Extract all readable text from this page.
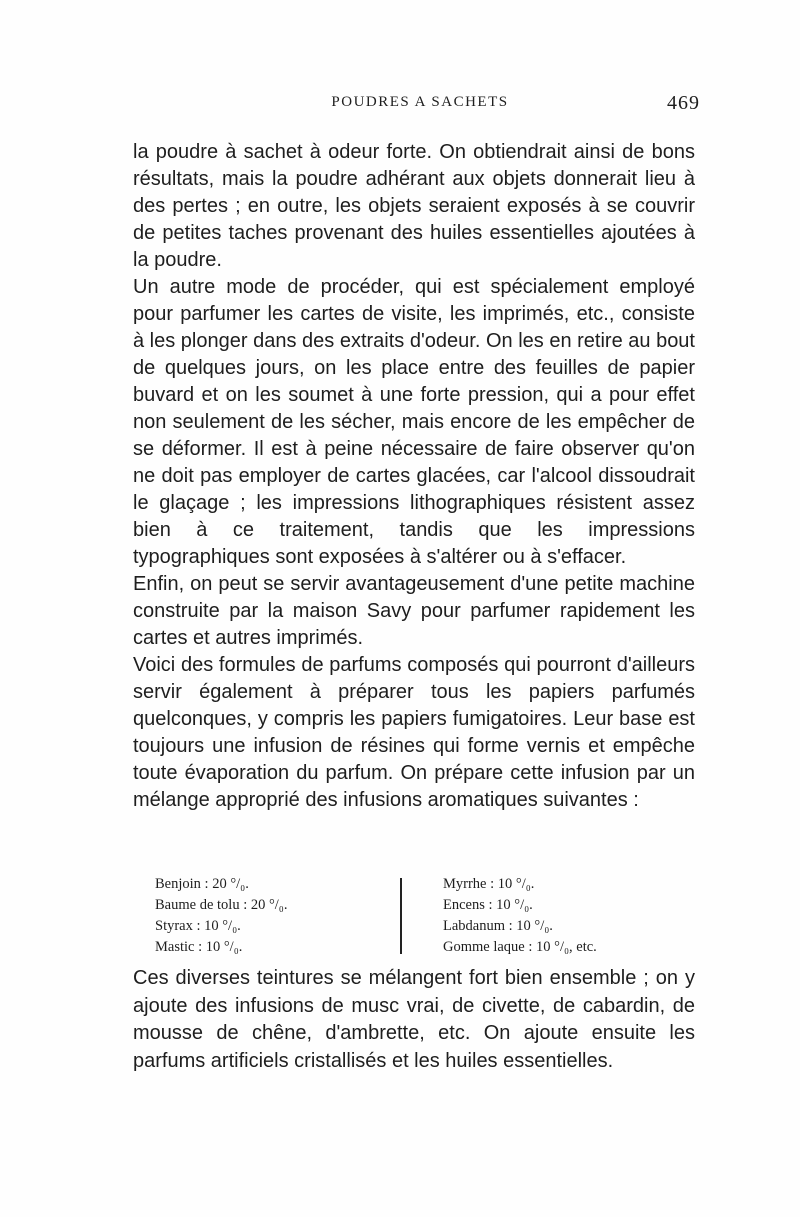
POUDRES A SACHETS	469

la poudre à sachet à odeur forte. On obtiendrait ainsi de bons résultats, mais la poudre adhérant aux objets donnerait lieu à des pertes ; en outre, les objets seraient exposés à se couvrir de petites taches provenant des huiles essentielles ajoutées à la poudre.

Un autre mode de procéder, qui est spécialement employé pour parfumer les cartes de visite, les imprimés, etc., consiste à les plonger dans des extraits d'odeur. On les en retire au bout de quelques jours, on les place entre des feuilles de papier buvard et on les soumet à une forte pression, qui a pour effet non seulement de les sécher, mais encore de les empêcher de se déformer. Il est à peine nécessaire de faire observer qu'on ne doit pas employer de cartes glacées, car l'alcool dissoudrait le glaçage ; les impressions lithographiques résistent assez bien à ce traitement, tandis que les impressions typographiques sont exposées à s'altérer ou à s'effacer.

Enfin, on peut se servir avantageusement d'une petite machine construite par la maison Savy pour parfumer rapidement les cartes et autres imprimés.

Voici des formules de parfums composés qui pourront d'ailleurs servir également à préparer tous les papiers parfumés quelconques, y compris les papiers fumigatoires. Leur base est toujours une infusion de résines qui forme vernis et empêche toute évaporation du parfum. On prépare cette infusion par un mélange approprié des infusions aromatiques suivantes :

Benjoin : 20 °/₀.
Baume de tolu : 20 °/₀.
Styrax : 10 °/₀.
Mastic : 10 °/₀.
Myrrhe : 10 °/₀.
Encens : 10 °/₀.
Labdanum : 10 °/₀.
Gomme laque : 10 °/₀, etc.

Ces diverses teintures se mélangent fort bien ensemble ; on y ajoute des infusions de musc vrai, de civette, de cabardin, de mousse de chêne, d'ambrette, etc. On ajoute ensuite les parfums artificiels cristallisés et les huiles essentielles.
